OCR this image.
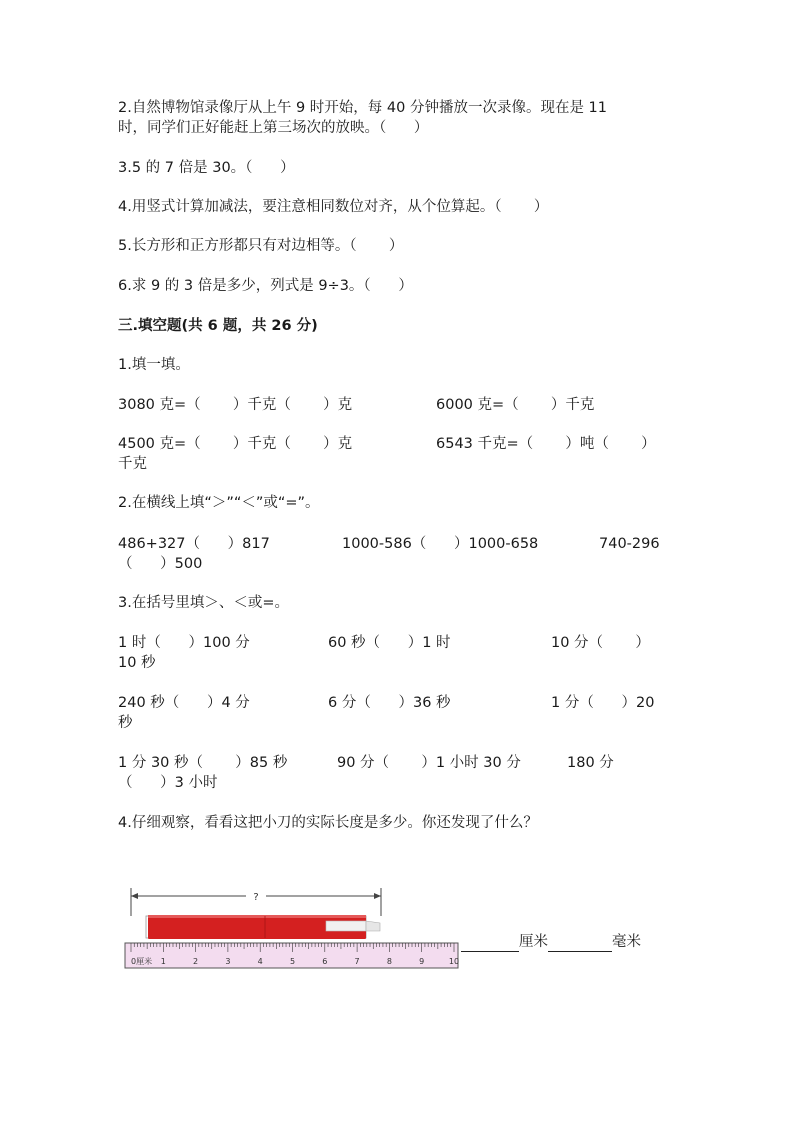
2.自然博物馆录像厅从上午 9 时开始，每 40 分钟播放一次录像。现在是 11
时，同学们正好能赶上第三场次的放映。（      ）
3.5 的 7 倍是 30。（      ）
4.用竖式计算加减法，要注意相同数位对齐，从个位算起。（       ）
5.长方形和正方形都只有对边相等。（       ）
6.求 9 的 3 倍是多少，列式是 9÷3。（      ）
三.填空题(共 6 题，共 26 分)
1.填一填。
3080 克=（       ）千克（       ）克	6000 克=（       ）千克
4500 克=（       ）千克（       ）克	6543 千克=（       ）吨（       ）
千克
2.在横线上填“＞”“＜”或“=”。
486+327（      ）817	1000-586（      ）1000-658	740-296
（      ）500
3.在括号里填＞、＜或=。
1 时（      ）100 分	60 秒（      ）1 时	10 分（       ）
10 秒
240 秒（      ）4 分	6 分（      ）36 秒	1 分（      ）20
秒
1 分 30 秒（       ）85 秒	90 分（       ）1 小时 30 分	180 分
（      ）3 小时
4.仔细观察，看看这把小刀的实际长度是多少。你还发现了什么？
?
0厘米 1	2	3	4	5	6	7	8	9	10
厘米	毫米
